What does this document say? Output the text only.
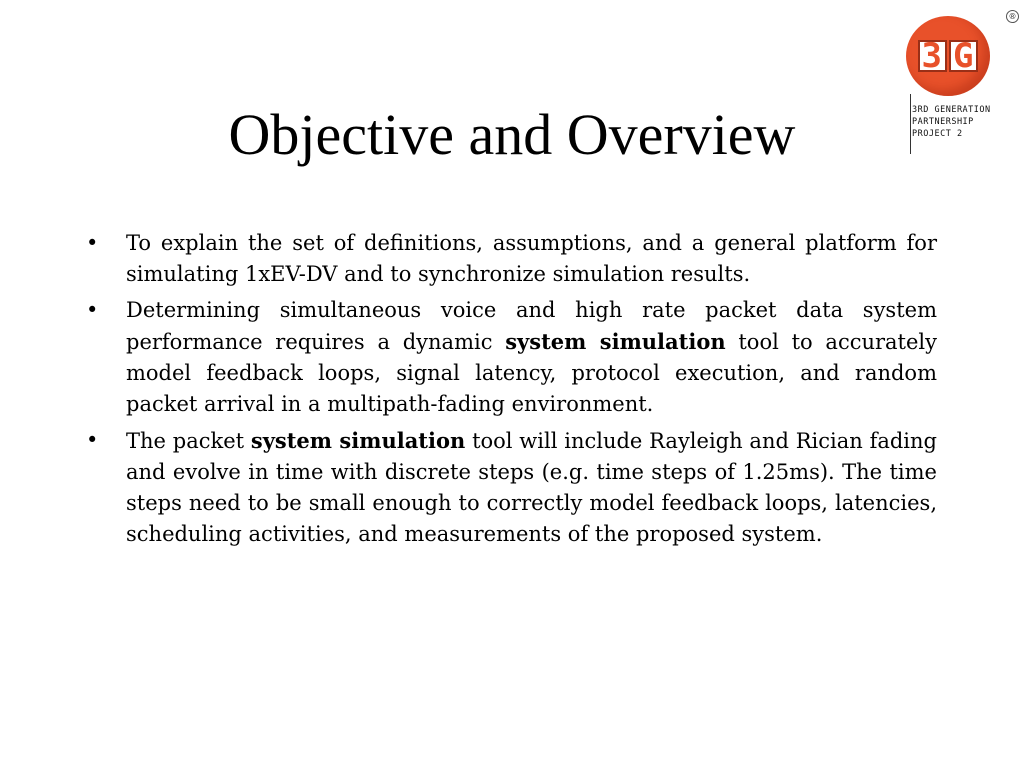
Objective and Overview
3 G
®
3RD GENERATION
PARTNERSHIP
PROJECT 2
•	To explain the set of definitions, assumptions, and a general platform for simulating 1xEV-DV and to synchronize simulation results.
•	Determining simultaneous voice and high rate packet data system performance requires a dynamic system simulation tool to accurately model feedback loops, signal latency, protocol execution, and random packet arrival in a multipath-fading environment.
•	The packet system simulation tool will include Rayleigh and Rician fading and evolve in time with discrete steps (e.g. time steps of 1.25ms). The time steps need to be small enough to correctly model feedback loops, latencies, scheduling activities, and measurements of the proposed system.
